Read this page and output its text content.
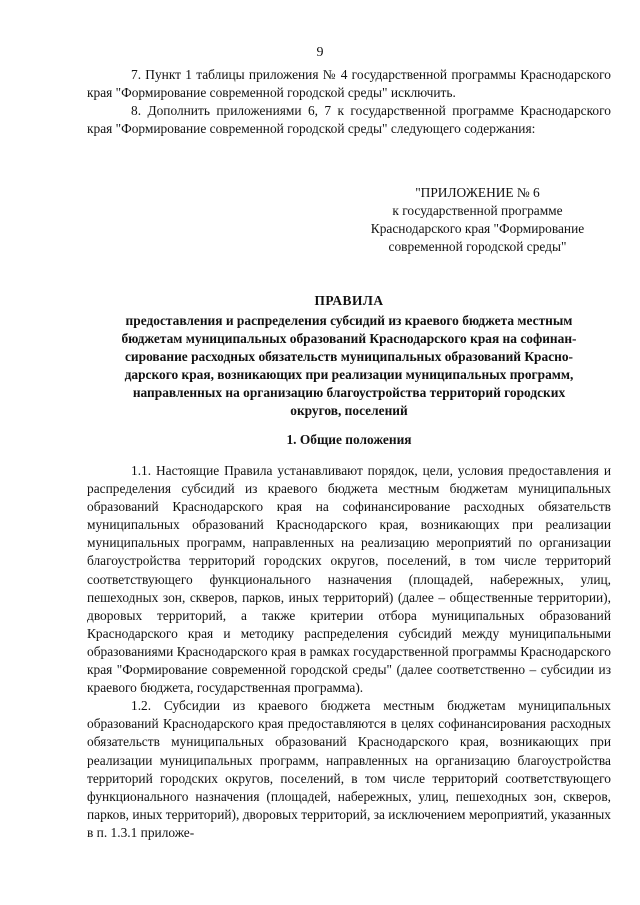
9

7. Пункт 1 таблицы приложения № 4 государственной программы Краснодарского края "Формирование современной городской среды" исключить.

8. Дополнить приложениями 6, 7 к государственной программе Краснодарского края "Формирование современной городской среды" следующего содержания:

"ПРИЛОЖЕНИЕ № 6
к государственной программе
Краснодарского края "Формирование
современной городской среды"
ПРАВИЛА
предоставления и распределения субсидий из краевого бюджета местным
бюджетам муниципальных образований Краснодарского края на софинан-
сирование расходных обязательств муниципальных образований Красно-
дарского края, возникающих при реализации муниципальных программ,
направленных на организацию благоустройства территорий городских
округов, поселений
1. Общие положения

1.1. Настоящие Правила устанавливают порядок, цели, условия предоставления и распределения субсидий из краевого бюджета местным бюджетам муниципальных образований Краснодарского края на софинансирование расходных обязательств муниципальных образований Краснодарского края, возникающих при реализации муниципальных программ, направленных на реализацию мероприятий по организации благоустройства территорий городских округов, поселений, в том числе территорий соответствующего функционального назначения (площадей, набережных, улиц, пешеходных зон, скверов, парков, иных территорий) (далее – общественные территории), дворовых территорий, а также критерии отбора муниципальных образований Краснодарского края и методику распределения субсидий между муниципальными образованиями Краснодарского края в рамках государственной программы Краснодарского края "Формирование современной городской среды" (далее соответственно – субсидии из краевого бюджета, государственная программа).

1.2. Субсидии из краевого бюджета местным бюджетам муниципальных образований Краснодарского края предоставляются в целях софинансирования расходных обязательств муниципальных образований Краснодарского края, возникающих при реализации муниципальных программ, направленных на организацию благоустройства территорий городских округов, поселений, в том числе территорий соответствующего функционального назначения (площадей, набережных, улиц, пешеходных зон, скверов, парков, иных территорий), дворовых территорий, за исключением мероприятий, указанных в п. 1.3.1 приложе-
